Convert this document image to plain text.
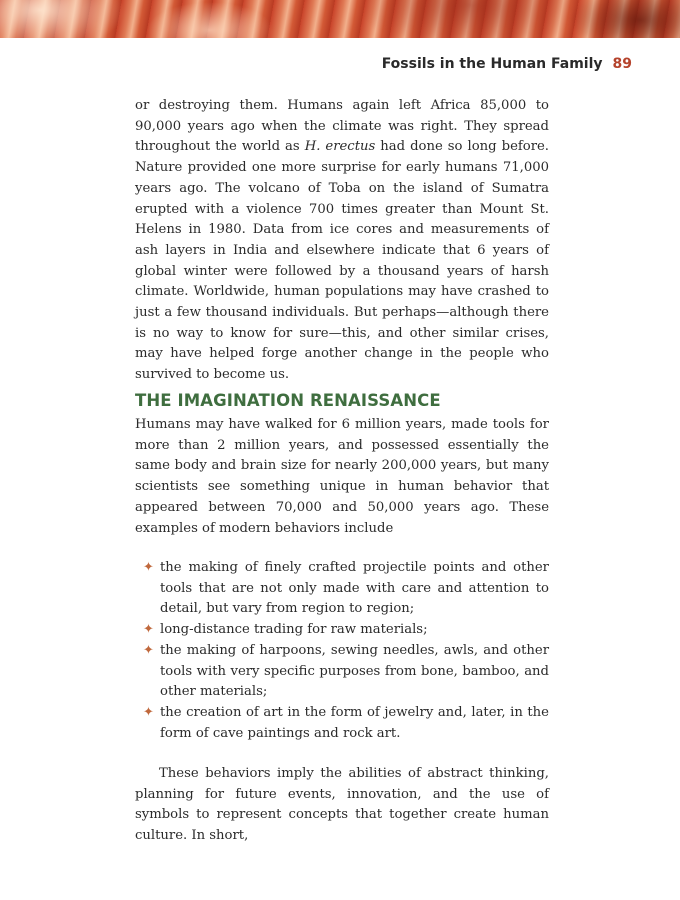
Fossils in the Human Family 89

or destroying them. Humans again left Africa 85,000 to 90,000 years ago when the climate was right. They spread throughout the world as H. erectus had done so long before. Nature provided one more surprise for early humans 71,000 years ago. The volcano of Toba on the island of Sumatra erupted with a violence 700 times greater than Mount St. Helens in 1980. Data from ice cores and measurements of ash layers in India and elsewhere indicate that 6 years of global winter were followed by a thousand years of harsh climate. Worldwide, human populations may have crashed to just a few thousand individuals. But perhaps—although there is no way to know for sure—this, and other similar crises, may have helped forge another change in the people who survived to become us.

THE IMAGINATION RENAISSANCE

Humans may have walked for 6 million years, made tools for more than 2 million years, and possessed essentially the same body and brain size for nearly 200,000 years, but many scientists see something unique in human behavior that appeared between 70,000 and 50,000 years ago. These examples of modern behaviors include

✦ the making of finely crafted projectile points and other tools that are not only made with care and attention to detail, but vary from region to region;
✦ long-distance trading for raw materials;
✦ the making of harpoons, sewing needles, awls, and other tools with very specific purposes from bone, bamboo, and other materials;
✦ the creation of art in the form of jewelry and, later, in the form of cave paintings and rock art.

These behaviors imply the abilities of abstract thinking, planning for future events, innovation, and the use of symbols to represent concepts that together create human culture. In short,
